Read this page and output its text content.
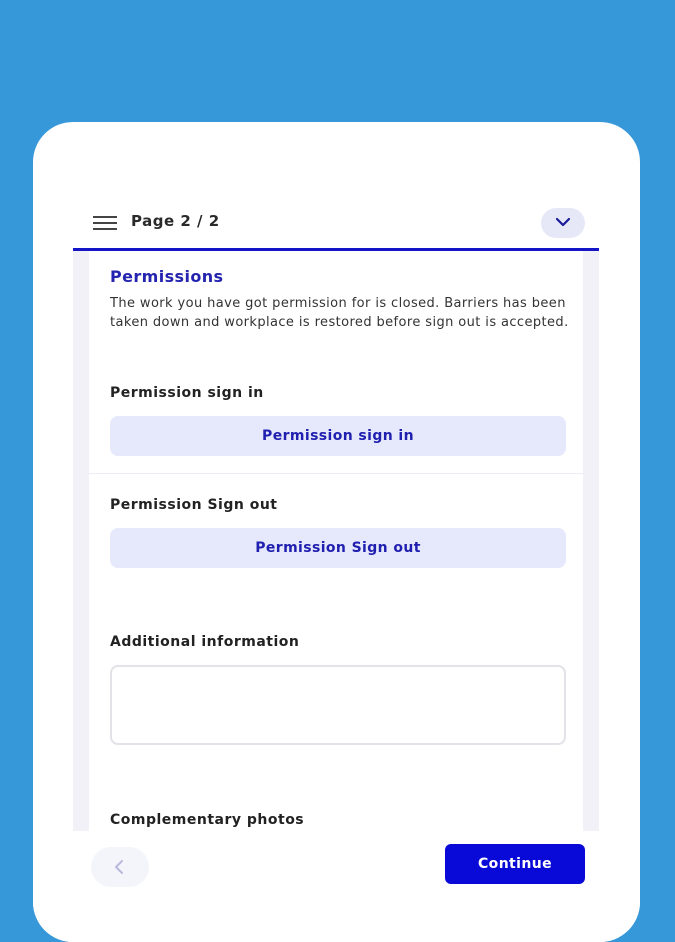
Page 2 / 2
Permissions
The work you have got permission for is closed. Barriers has been taken down and workplace is restored before sign out is accepted.
Permission sign in
Permission sign in
Permission Sign out
Permission Sign out
Additional information
Complementary photos
Continue
